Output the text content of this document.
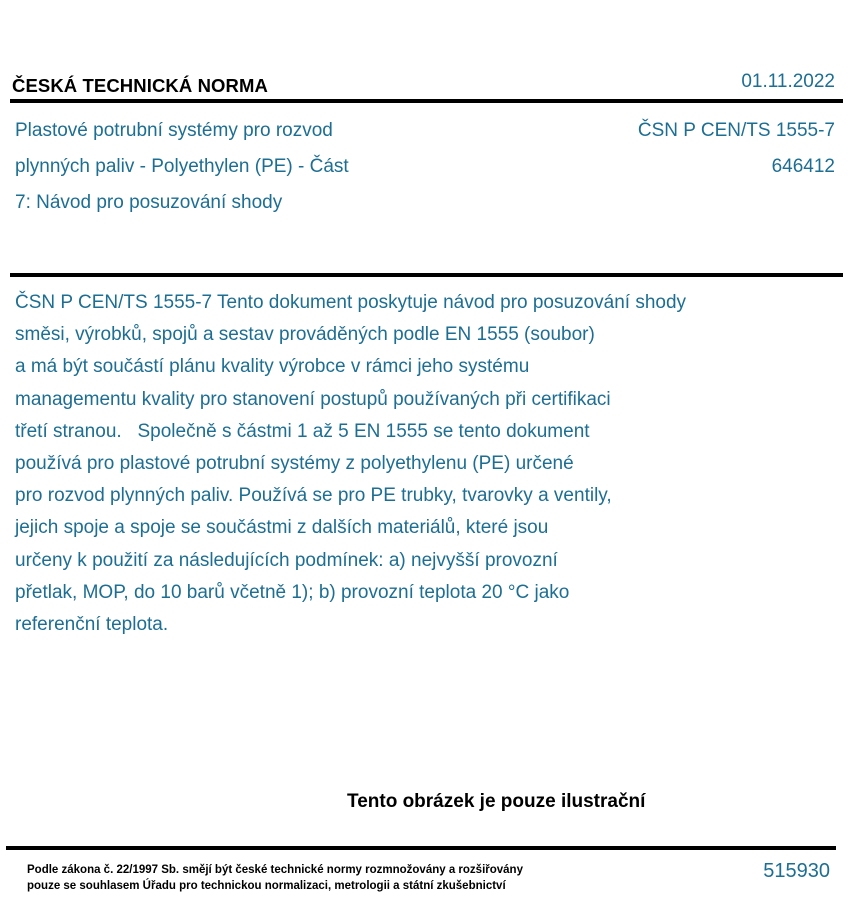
ČESKÁ TECHNICKÁ NORMA	01.11.2022
Plastové potrubní systémy pro rozvod
plynných paliv - Polyethylen (PE) - Část
7: Návod pro posuzování shody
ČSN P CEN/TS 1555-7
646412
ČSN P CEN/TS 1555-7 Tento dokument poskytuje návod pro posuzování shody
směsi, výrobků, spojů a sestav prováděných podle EN 1555 (soubor)
a má být součástí plánu kvality výrobce v rámci jeho systému
managementu kvality pro stanovení postupů používaných při certifikaci
třetí stranou.   Společně s částmi 1 až 5 EN 1555 se tento dokument
používá pro plastové potrubní systémy z polyethylenu (PE) určené
pro rozvod plynných paliv. Používá se pro PE trubky, tvarovky a ventily,
jejich spoje a spoje se součástmi z dalších materiálů, které jsou
určeny k použití za následujících podmínek: a) nejvyšší provozní
přetlak, MOP, do 10 barů včetně 1); b) provozní teplota 20 °C jako
referenční teplota.
Tento obrázek je pouze ilustrační
Podle zákona č. 22/1997 Sb. smějí být české technické normy rozmnožovány a rozšiřovány
pouze se souhlasem Úřadu pro technickou normalizaci, metrologii a státní zkušebnictví
515930
